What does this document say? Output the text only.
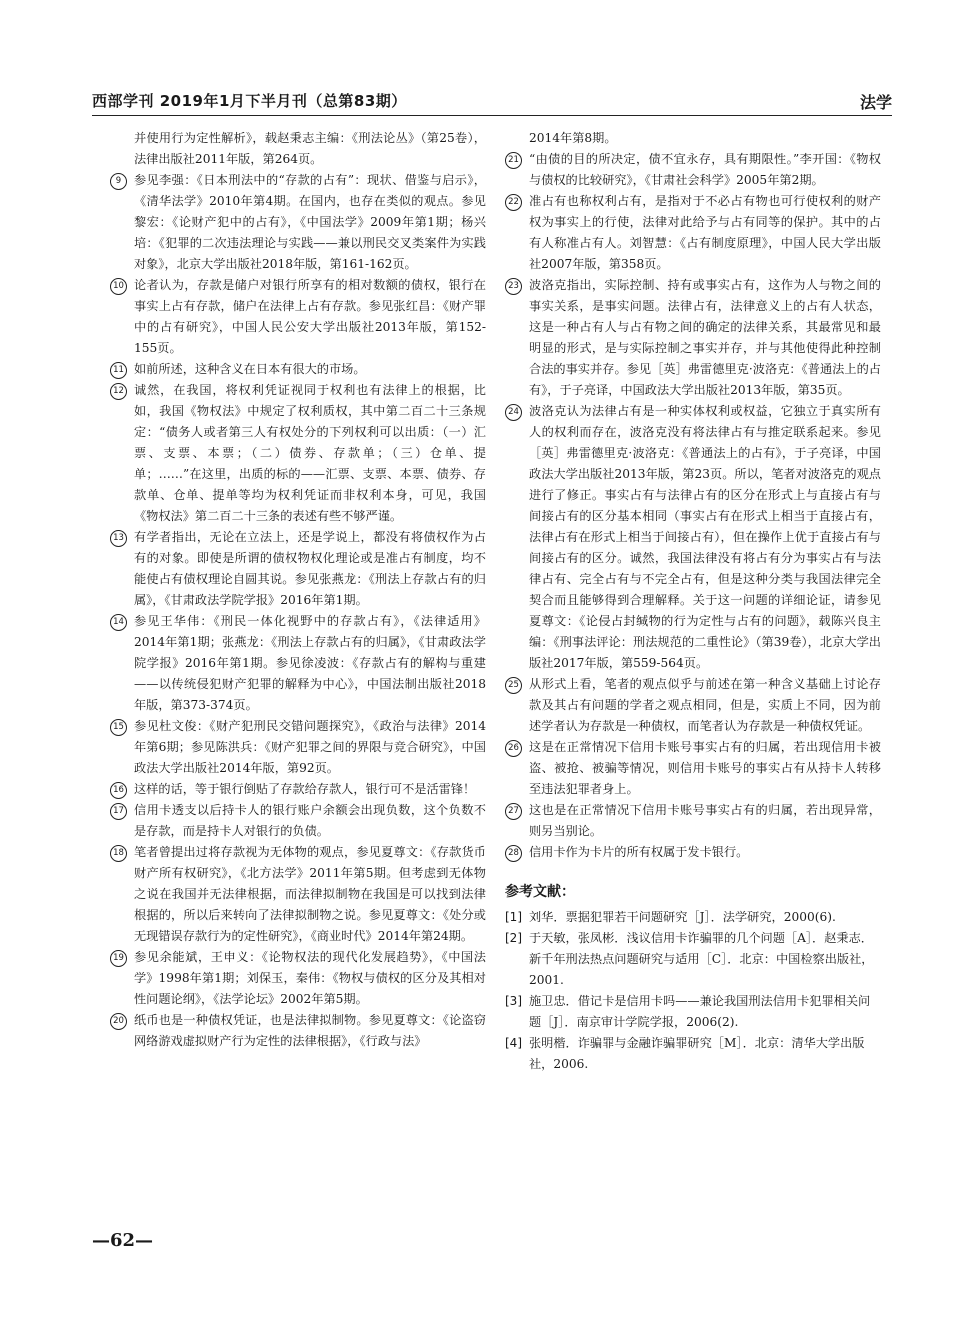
西部学刊 2019年1月下半月刊（总第83期）	法学

并使用行为定性解析》，载赵秉志主编：《刑法论丛》（第25卷），法律出版社2011年版，第264页。

9	参见李强：《日本刑法中的“存款的占有”：现状、借鉴与启示》，《清华法学》2010年第4期。在国内，也存在类似的观点。参见黎宏：《论财产犯中的占有》，《中国法学》2009年第1期；杨兴培：《犯罪的二次违法理论与实践——兼以刑民交叉类案件为实践对象》，北京大学出版社2018年版，第161-162页。

10 论者认为，存款是储户对银行所享有的相对数额的债权，银行在事实上占有存款，储户在法律上占有存款。参见张红昌：《财产罪中的占有研究》，中国人民公安大学出版社2013年版，第152-155页。

11 如前所述，这种含义在日本有很大的市场。

12 诚然，在我国，将权利凭证视同于权利也有法律上的根据，比如，我国《物权法》中规定了权利质权，其中第二百二十三条规定：“债务人或者第三人有权处分的下列权利可以出质：（一）汇票、支票、本票；（二）债券、存款单；（三）仓单、提单；……”在这里，出质的标的——汇票、支票、本票、债券、存款单、仓单、提单等均为权利凭证而非权利本身，可见，我国《物权法》第二百二十三条的表述有些不够严谨。

13 有学者指出，无论在立法上，还是学说上，都没有将债权作为占有的对象。即使是所谓的债权物权化理论或是准占有制度，均不能使占有债权理论自圆其说。参见张燕龙：《刑法上存款占有的归属》，《甘肃政法学院学报》2016年第1期。

14 参见王华伟：《刑民一体化视野中的存款占有》，《法律适用》2014年第1期；张燕龙：《刑法上存款占有的归属》，《甘肃政法学院学报》2016年第1期。参见徐凌波：《存款占有的解构与重建——以传统侵犯财产犯罪的解释为中心》，中国法制出版社2018年版，第373-374页。

15 参见杜文俊：《财产犯刑民交错问题探究》，《政治与法律》2014年第6期；参见陈洪兵：《财产犯罪之间的界限与竞合研究》，中国政法大学出版社2014年版，第92页。

16 这样的话，等于银行倒贴了存款给存款人，银行可不是活雷锋！

17 信用卡透支以后持卡人的银行账户余额会出现负数，这个负数不是存款，而是持卡人对银行的负债。

18 笔者曾提出过将存款视为无体物的观点，参见夏尊文：《存款货币财产所有权研究》，《北方法学》2011年第5期。但考虑到无体物之说在我国并无法律根据，而法律拟制物在我国是可以找到法律根据的，所以后来转向了法律拟制物之说。参见夏尊文：《处分或无现错误存款行为的定性研究》，《商业时代》2014年第24期。

19 参见余能斌，王申义：《论物权法的现代化发展趋势》，《中国法学》1998年第1期；刘保玉，秦伟：《物权与债权的区分及其相对性问题论纲》，《法学论坛》2002年第5期。

20 纸币也是一种债权凭证，也是法律拟制物。参见夏尊文：《论盗窃网络游戏虚拟财产行为定性的法律根据》，《行政与法》

2014年第8期。

21 “由债的目的所决定，债不宜永存，具有期限性。”李开国：《物权与债权的比较研究》，《甘肃社会科学》2005年第2期。

22 准占有也称权利占有，是指对于不必占有物也可行使权利的财产权为事实上的行使，法律对此给予与占有同等的保护。其中的占有人称准占有人。刘智慧：《占有制度原理》，中国人民大学出版社2007年版，第358页。

23 波洛克指出，实际控制、持有或事实占有，这作为人与物之间的事实关系，是事实问题。法律占有，法律意义上的占有人状态，这是一种占有人与占有物之间的确定的法律关系，其最常见和最明显的形式，是与实际控制之事实并存，并与其他使得此种控制合法的事实并存。参见［英］弗雷德里克·波洛克：《普通法上的占有》，于子亮译，中国政法大学出版社2013年版，第35页。

24 波洛克认为法律占有是一种实体权利或权益，它独立于真实所有人的权利而存在，波洛克没有将法律占有与推定联系起来。参见［英］弗雷德里克·波洛克：《普通法上的占有》，于子亮译，中国政法大学出版社2013年版，第23页。所以，笔者对波洛克的观点进行了修正。事实占有与法律占有的区分在形式上与直接占有与间接占有的区分基本相同（事实占有在形式上相当于直接占有，法律占有在形式上相当于间接占有），但在操作上优于直接占有与间接占有的区分。诚然，我国法律没有将占有分为事实占有与法律占有、完全占有与不完全占有，但是这种分类与我国法律完全契合而且能够得到合理解释。关于这一问题的详细论证，请参见夏尊文：《论侵占封缄物的行为定性与占有的问题》，载陈兴良主编：《刑事法评论：刑法规范的二重性论》（第39卷），北京大学出版社2017年版，第559-564页。

25 从形式上看，笔者的观点似乎与前述在第一种含义基础上讨论存款及其占有问题的学者之观点相同，但是，实质上不同，因为前述学者认为存款是一种债权，而笔者认为存款是一种债权凭证。

26 这是在正常情况下信用卡账号事实占有的归属，若出现信用卡被盗、被抢、被骗等情况，则信用卡账号的事实占有从持卡人转移至违法犯罪者身上。

27 这也是在正常情况下信用卡账号事实占有的归属，若出现异常，则另当别论。

28 信用卡作为卡片的所有权属于发卡银行。

参考文献：

[1] 刘华．票据犯罪若干问题研究［J］．法学研究，2000(6).

[2] 于天敏，张凤彬．浅议信用卡诈骗罪的几个问题［A］．赵秉志．新千年刑法热点问题研究与适用［C］．北京：中国检察出版社，2001.

[3] 施卫忠．借记卡是信用卡吗——兼论我国刑法信用卡犯罪相关问题［J］．南京审计学院学报，2006(2).

[4] 张明楷．诈骗罪与金融诈骗罪研究［M］．北京：清华大学出版社，2006.

—62—
